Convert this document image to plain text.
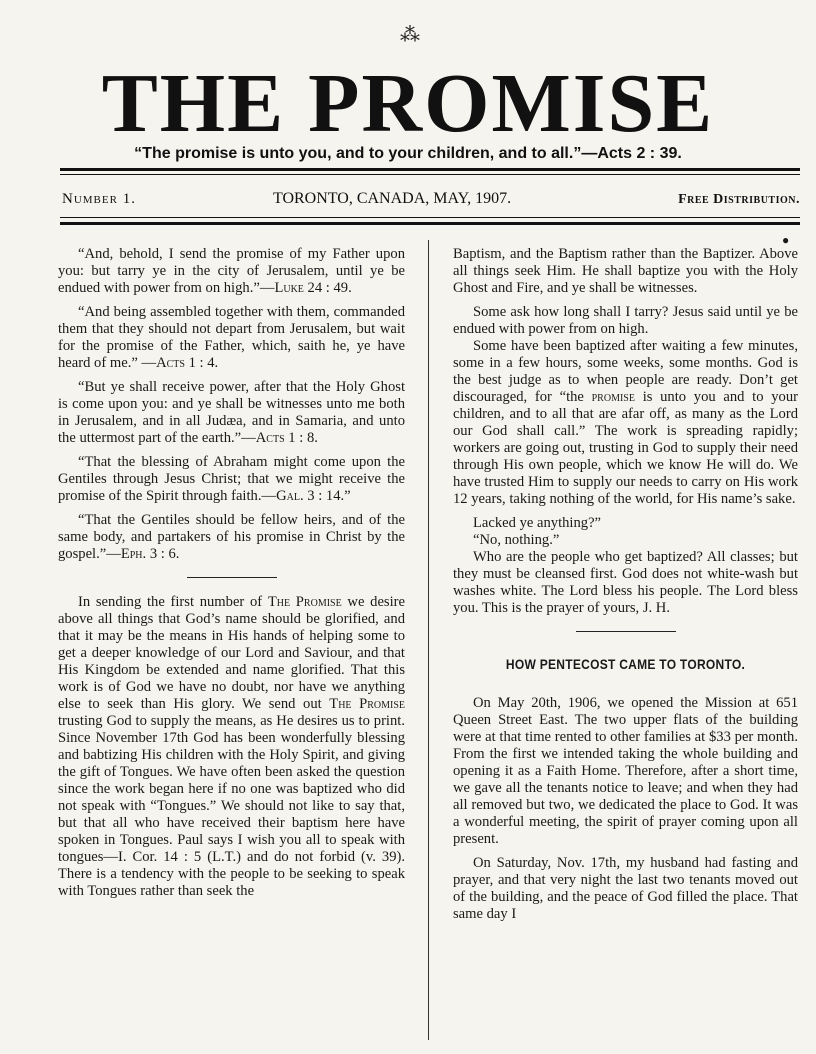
⁂
THE PROMISE
“The promise is unto you, and to your children, and to all.”—Acts 2 : 39.
Number 1.	TORONTO, CANADA, MAY, 1907.	Free Distribution.
●

“And, behold, I send the promise of my Father upon you: but tarry ye in the city of Jerusalem, until ye be endued with power from on high.”—Luke 24 : 49.

“And being assembled together with them, commanded them that they should not depart from Jerusalem, but wait for the promise of the Father, which, saith he, ye have heard of me.” —Acts 1 : 4.

“But ye shall receive power, after that the Holy Ghost is come upon you: and ye shall be witnesses unto me both in Jerusalem, and in all Judæa, and in Samaria, and unto the uttermost part of the earth.”—Acts 1 : 8.

“That the blessing of Abraham might come upon the Gentiles through Jesus Christ; that we might receive the promise of the Spirit through faith.—Gal. 3 : 14.”

“That the Gentiles should be fellow heirs, and of the same body, and partakers of his promise in Christ by the gospel.”—Eph. 3 : 6.

In sending the first number of The Promise we desire above all things that God’s name should be glorified, and that it may be the means in His hands of helping some to get a deeper knowledge of our Lord and Saviour, and that His Kingdom be extended and name glorified. That this work is of God we have no doubt, nor have we anything else to seek than His glory. We send out The Promise trusting God to supply the means, as He desires us to print. Since November 17th God has been wonderfully blessing and babtizing His children with the Holy Spirit, and giving the gift of Tongues. We have often been asked the question since the work began here if no one was baptized who did not speak with “Tongues.” We should not like to say that, but that all who have received their baptism here have spoken in Tongues. Paul says I wish you all to speak with tongues—I. Cor. 14 : 5 (L.T.) and do not forbid (v. 39). There is a tendency with the people to be seeking to speak with Tongues rather than seek the

Baptism, and the Baptism rather than the Baptizer. Above all things seek Him. He shall baptize you with the Holy Ghost and Fire, and ye shall be witnesses.

Some ask how long shall I tarry? Jesus said until ye be endued with power from on high.

Some have been baptized after waiting a few minutes, some in a few hours, some weeks, some months. God is the best judge as to when people are ready. Don’t get discouraged, for “the promise is unto you and to your children, and to all that are afar off, as many as the Lord our God shall call.” The work is spreading rapidly; workers are going out, trusting in God to supply their need through His own people, which we know He will do. We have trusted Him to supply our needs to carry on His work 12 years, taking nothing of the world, for His name’s sake.

Lacked ye anything?”

“No, nothing.”

Who are the people who get baptized? All classes; but they must be cleansed first. God does not white-wash but washes white. The Lord bless his people. The Lord bless you. This is the prayer of yours, J. H.

HOW PENTECOST CAME TO TORONTO.

On May 20th, 1906, we opened the Mission at 651 Queen Street East. The two upper flats of the building were at that time rented to other families at $33 per month. From the first we intended taking the whole building and opening it as a Faith Home. Therefore, after a short time, we gave all the tenants notice to leave; and when they had all removed but two, we dedicated the place to God. It was a wonderful meeting, the spirit of prayer coming upon all present.

On Saturday, Nov. 17th, my husband had fasting and prayer, and that very night the last two tenants moved out of the building, and the peace of God filled the place. That same day I
